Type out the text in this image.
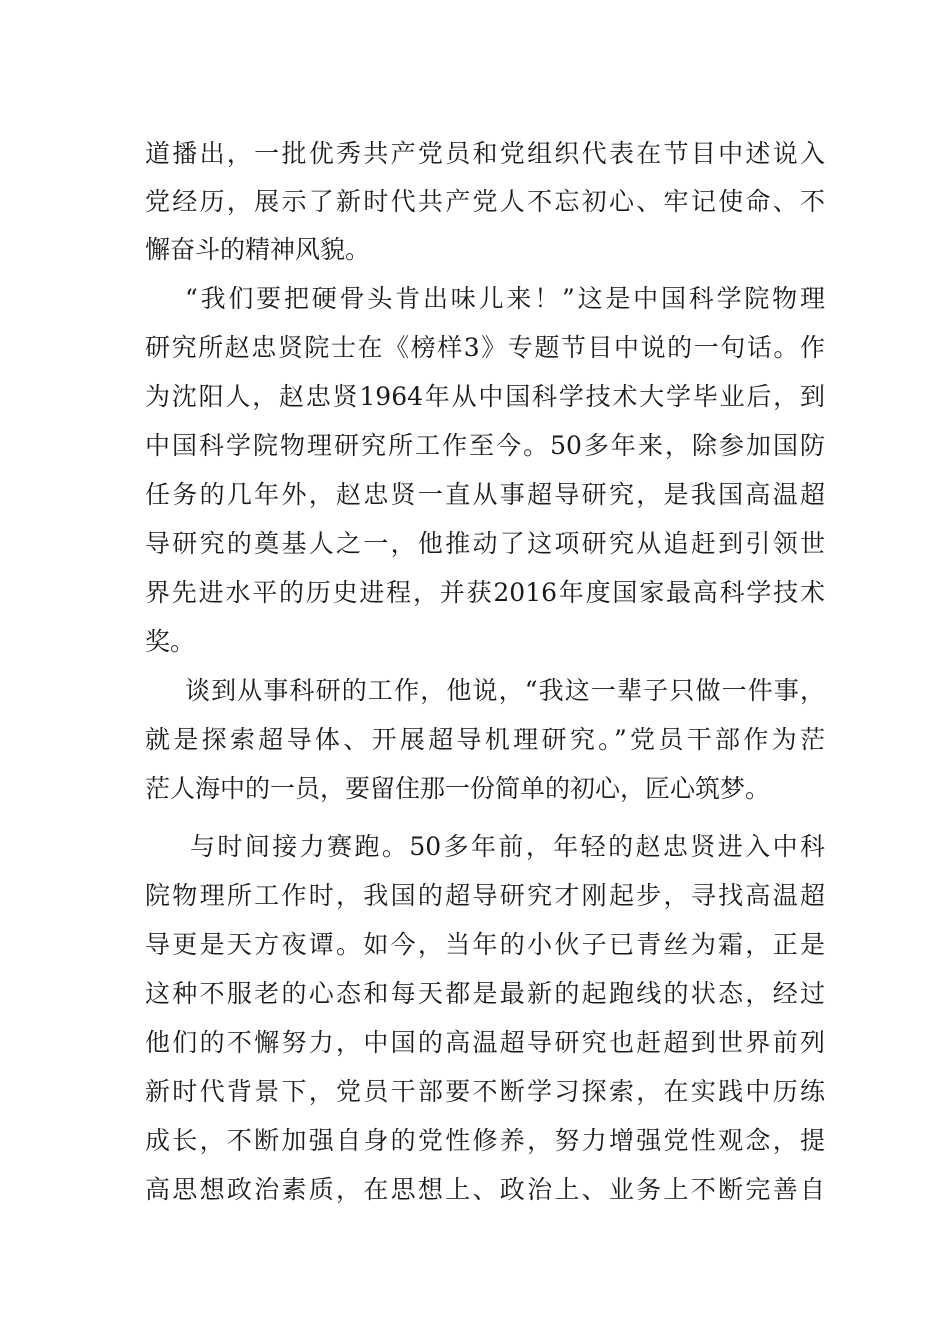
道播出，一批优秀共产党员和党组织代表在节目中述说入
党经历，展示了新时代共产党人不忘初心、牢记使命、不
懈奋斗的精神风貌。
“我们要把硬骨头肯出味儿来！”这是中国科学院物理
研究所赵忠贤院士在《榜样3》专题节目中说的一句话。作
为沈阳人，赵忠贤1964年从中国科学技术大学毕业后，到
中国科学院物理研究所工作至今。50多年来，除参加国防
任务的几年外，赵忠贤一直从事超导研究，是我国高温超
导研究的奠基人之一，他推动了这项研究从追赶到引领世
界先进水平的历史进程，并获2016年度国家最高科学技术
奖。
谈到从事科研的工作，他说，“我这一辈子只做一件事，
就是探索超导体、开展超导机理研究。”党员干部作为茫
茫人海中的一员，要留住那一份简单的初心，匠心筑梦。
与时间接力赛跑。50多年前，年轻的赵忠贤进入中科
院物理所工作时，我国的超导研究才刚起步，寻找高温超
导更是天方夜谭。如今，当年的小伙子已青丝为霜，正是
这种不服老的心态和每天都是最新的起跑线的状态，经过
他们的不懈努力，中国的高温超导研究也赶超到世界前列
新时代背景下，党员干部要不断学习探索，在实践中历练
成长，不断加强自身的党性修养，努力增强党性观念，提
高思想政治素质，在思想上、政治上、业务上不断完善自
